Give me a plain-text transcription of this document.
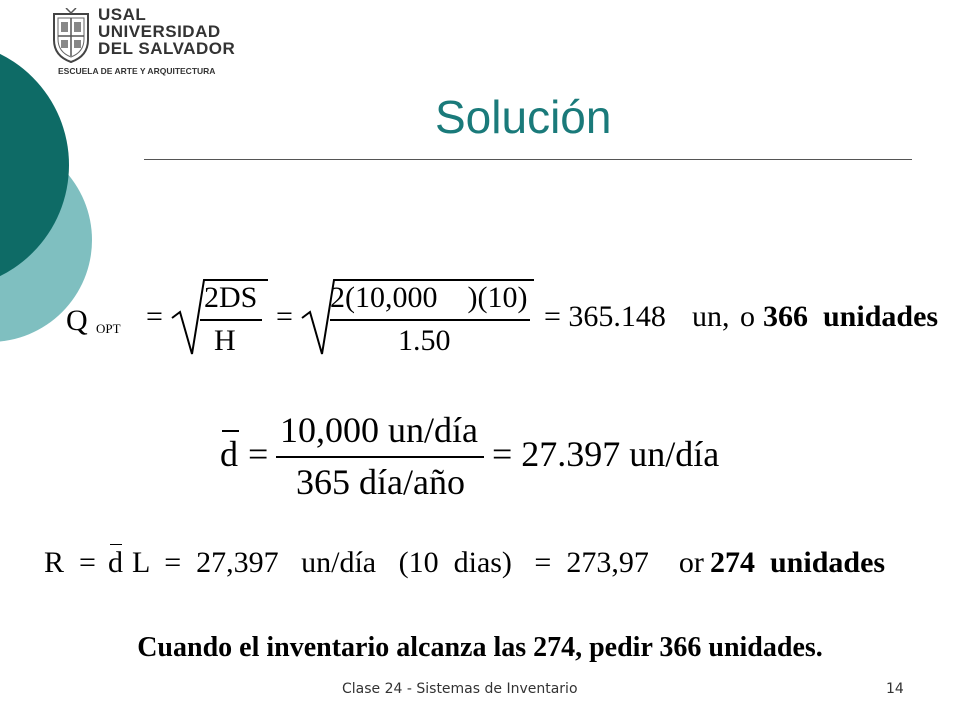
USAL
UNIVERSIDAD
DEL SALVADOR
ESCUELA DE ARTE Y ARQUITECTURA
Solución
Q OPT =
2DS
H
=
2(10,000    )(10)
1.50
= 365.148 un, o 366  unidades
d =
10,000 un/día
365 día/año
= 27.397 un/día
R  = d L  =  27,397   un/día   (10  dias)   =  273,97    or 274  unidades
Cuando el inventario alcanza las 274, pedir 366 unidades.
Clase 24 - Sistemas de Inventario	14
